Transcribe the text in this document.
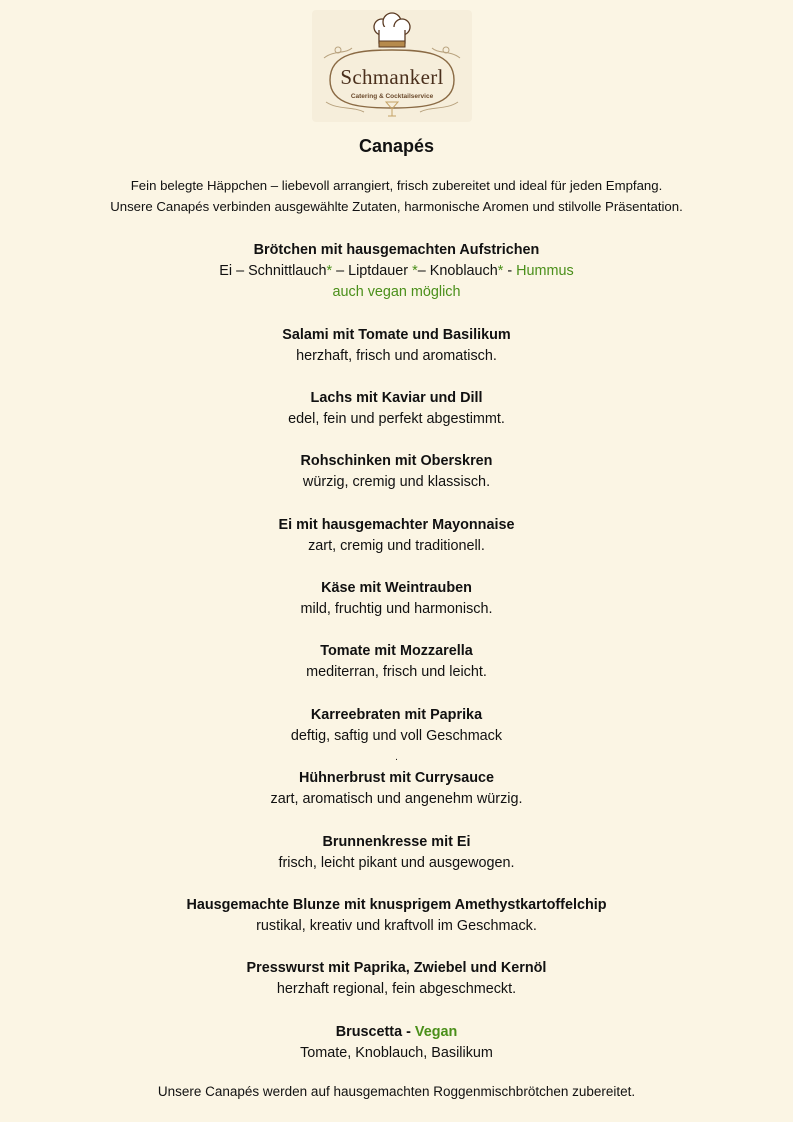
Schmankerl
Catering & Cocktailservice
Canapés
Fein belegte Häppchen – liebevoll arrangiert, frisch zubereitet und ideal für jeden Empfang.
Unsere Canapés verbinden ausgewählte Zutaten, harmonische Aromen und stilvolle Präsentation.
Brötchen mit hausgemachten Aufstrichen
Ei – Schnittlauch* – Liptdauer *– Knoblauch* - Hummus
auch vegan möglich
Salami mit Tomate und Basilikum
herzhaft, frisch und aromatisch.
Lachs mit Kaviar und Dill
edel, fein und perfekt abgestimmt.
Rohschinken mit Oberskren
würzig, cremig und klassisch.
Ei mit hausgemachter Mayonnaise
zart, cremig und traditionell.
Käse mit Weintrauben
mild, fruchtig und harmonisch.
Tomate mit Mozzarella
mediterran, frisch und leicht.
Karreebraten mit Paprika
deftig, saftig und voll Geschmack
.
Hühnerbrust mit Currysauce
zart, aromatisch und angenehm würzig.
Brunnenkresse mit Ei
frisch, leicht pikant und ausgewogen.
Hausgemachte Blunze mit knusprigem Amethystkartoffelchip
rustikal, kreativ und kraftvoll im Geschmack.
Presswurst mit Paprika, Zwiebel und Kernöl
herzhaft regional, fein abgeschmeckt.
Bruscetta - Vegan
Tomate, Knoblauch, Basilikum
Unsere Canapés werden auf hausgemachten Roggenmischbrötchen zubereitet.
